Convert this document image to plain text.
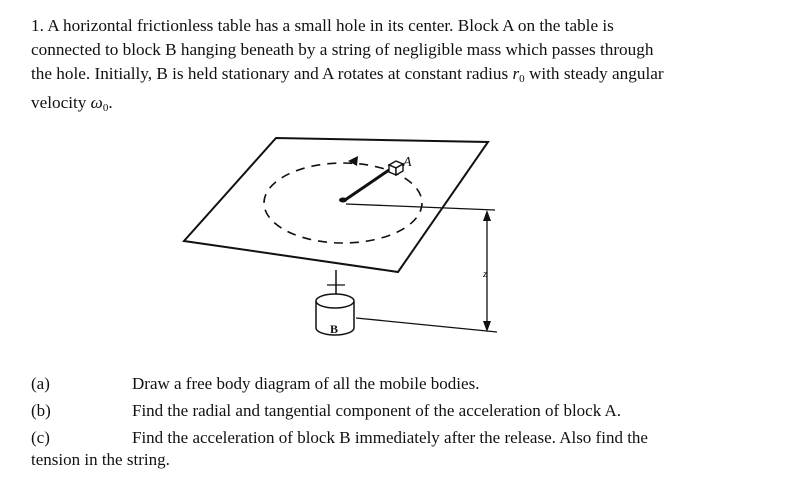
1. A horizontal frictionless table has a small hole in its center. Block A on the table is

connected to block B hanging beneath by a string of negligible mass which passes through

the hole. Initially, B is held stationary and A rotates at constant radius $r_0$ with steady angular

velocity $\omega_0$.

A
B
z
(a)	Draw a free body diagram of all the mobile bodies.
(b)	Find the radial and tangential component of the acceleration of block A.
(c)	Find the acceleration of block B immediately after the release. Also find the
tension in the string.
